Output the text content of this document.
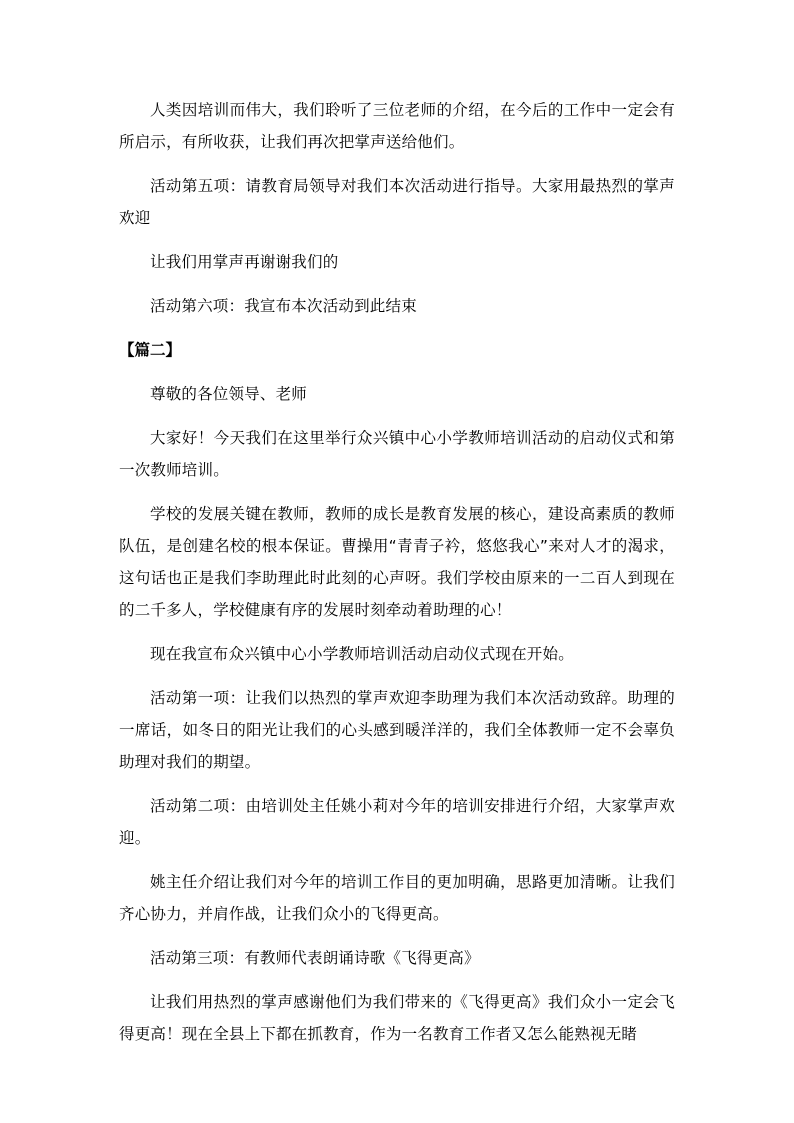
人类因培训而伟大，我们聆听了三位老师的介绍，在今后的工作中一定会有所启示，有所收获，让我们再次把掌声送给他们。

活动第五项：请教育局领导对我们本次活动进行指导。大家用最热烈的掌声欢迎

让我们用掌声再谢谢我们的

活动第六项：我宣布本次活动到此结束

【篇二】

尊敬的各位领导、老师

大家好！今天我们在这里举行众兴镇中心小学教师培训活动的启动仪式和第一次教师培训。

学校的发展关键在教师，教师的成长是教育发展的核心，建设高素质的教师队伍，是创建名校的根本保证。曹操用“青青子衿，悠悠我心”来对人才的渴求，这句话也正是我们李助理此时此刻的心声呀。我们学校由原来的一二百人到现在的二千多人，学校健康有序的发展时刻牵动着助理的心！

现在我宣布众兴镇中心小学教师培训活动启动仪式现在开始。

活动第一项：让我们以热烈的掌声欢迎李助理为我们本次活动致辞。助理的一席话，如冬日的阳光让我们的心头感到暖洋洋的，我们全体教师一定不会辜负助理对我们的期望。

活动第二项：由培训处主任姚小莉对今年的培训安排进行介绍，大家掌声欢迎。

姚主任介绍让我们对今年的培训工作目的更加明确，思路更加清晰。让我们齐心协力，并肩作战，让我们众小的飞得更高。

活动第三项：有教师代表朗诵诗歌《飞得更高》

让我们用热烈的掌声感谢他们为我们带来的《飞得更高》我们众小一定会飞得更高！现在全县上下都在抓教育，作为一名教育工作者又怎么能熟视无睹
